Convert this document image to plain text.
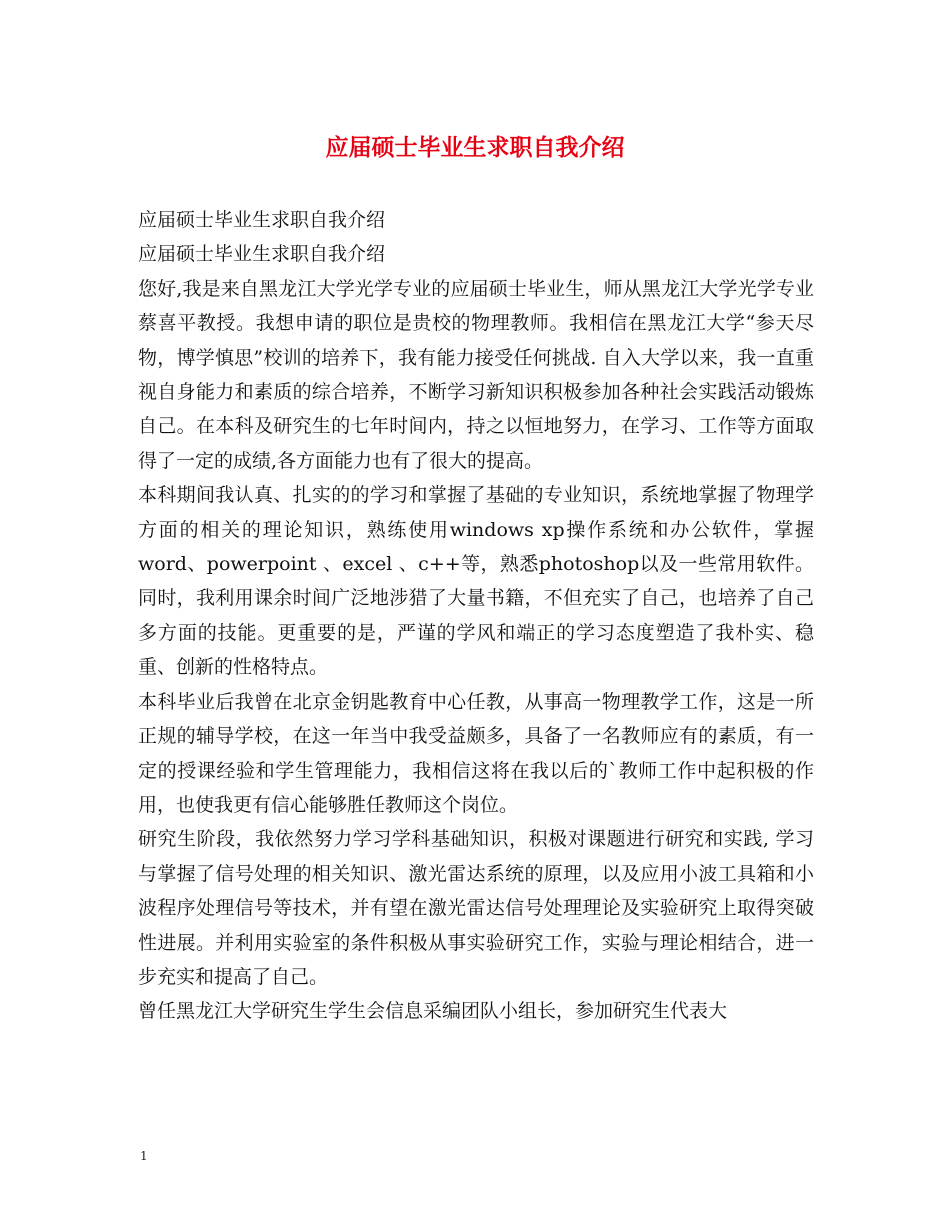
应届硕士毕业生求职自我介绍

应届硕士毕业生求职自我介绍

应届硕士毕业生求职自我介绍

您好,我是来自黑龙江大学光学专业的应届硕士毕业生，师从黑龙江大学光学专业蔡喜平教授。我想申请的职位是贵校的物理教师。我相信在黑龙江大学“参天尽物，博学慎思”校训的培养下，我有能力接受任何挑战. 自入大学以来，我一直重视自身能力和素质的综合培养，不断学习新知识积极参加各种社会实践活动锻炼自己。在本科及研究生的七年时间内，持之以恒地努力，在学习、工作等方面取得了一定的成绩,各方面能力也有了很大的提高。

本科期间我认真、扎实的的学习和掌握了基础的专业知识，系统地掌握了物理学方面的相关的理论知识，熟练使用windows xp操作系统和办公软件，掌握word、powerpoint 、excel 、c++等，熟悉photoshop以及一些常用软件。同时，我利用课余时间广泛地涉猎了大量书籍，不但充实了自己，也培养了自己多方面的技能。更重要的是，严谨的学风和端正的学习态度塑造了我朴实、稳重、创新的性格特点。

本科毕业后我曾在北京金钥匙教育中心任教，从事高一物理教学工作，这是一所正规的辅导学校，在这一年当中我受益颇多，具备了一名教师应有的素质，有一定的授课经验和学生管理能力，我相信这将在我以后的`教师工作中起积极的作用，也使我更有信心能够胜任教师这个岗位。

研究生阶段，我依然努力学习学科基础知识，积极对课题进行研究和实践, 学习与掌握了信号处理的相关知识、激光雷达系统的原理，以及应用小波工具箱和小波程序处理信号等技术，并有望在激光雷达信号处理理论及实验研究上取得突破性进展。并利用实验室的条件积极从事实验研究工作，实验与理论相结合，进一步充实和提高了自己。

曾任黑龙江大学研究生学生会信息采编团队小组长，参加研究生代表大

1
